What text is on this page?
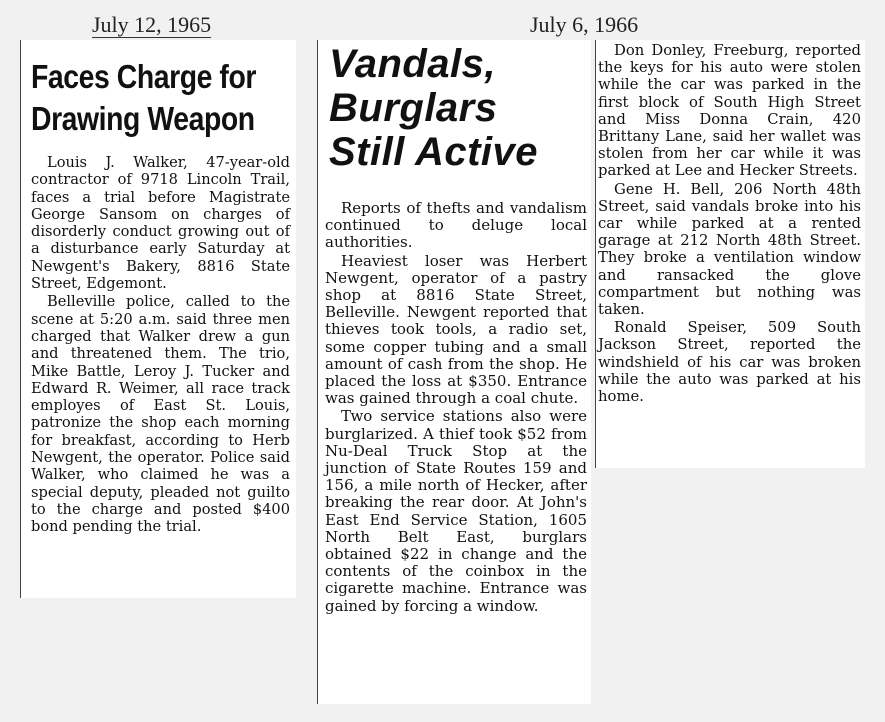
July 12, 1965	July 6, 1966
Faces Charge for
Drawing Weapon

Louis J. Walker, 47-year-old contractor of 9718 Lincoln Trail, faces a trial before Magistrate George Sansom on charges of disorderly conduct growing out of a disturbance early Saturday at Newgent's Bakery, 8816 State Street, Edgemont.

Belleville police, called to the scene at 5:20 a.m. said three men charged that Walker drew a gun and threatened them. The trio, Mike Battle, Leroy J. Tucker and Edward R. Weimer, all race track employes of East St. Louis, patronize the shop each morning for breakfast, according to Herb Newgent, the operator. Police said Walker, who claimed he was a special deputy, pleaded not guilto to the charge and posted $400 bond pending the trial.

Vandals,
Burglars
Still Active

Reports of thefts and vandalism continued to deluge local authorities.

Heaviest loser was Herbert Newgent, operator of a pastry shop at 8816 State Street, Belleville. Newgent reported that thieves took tools, a radio set, some copper tubing and a small amount of cash from the shop. He placed the loss at $350. Entrance was gained through a coal chute.

Two service stations also were burglarized. A thief took $52 from Nu-Deal Truck Stop at the junction of State Routes 159 and 156, a mile north of Hecker, after breaking the rear door. At John's East End Service Station, 1605 North Belt East, burglars obtained $22 in change and the contents of the coinbox in the cigarette machine. Entrance was gained by forcing a window.

Don Donley, Freeburg, reported the keys for his auto were stolen while the car was parked in the first block of South High Street and Miss Donna Crain, 420 Brittany Lane, said her wallet was stolen from her car while it was parked at Lee and Hecker Streets.

Gene H. Bell, 206 North 48th Street, said vandals broke into his car while parked at a rented garage at 212 North 48th Street. They broke a ventilation window and ransacked the glove compartment but nothing was taken.

Ronald Speiser, 509 South Jackson Street, reported the windshield of his car was broken while the auto was parked at his home.
